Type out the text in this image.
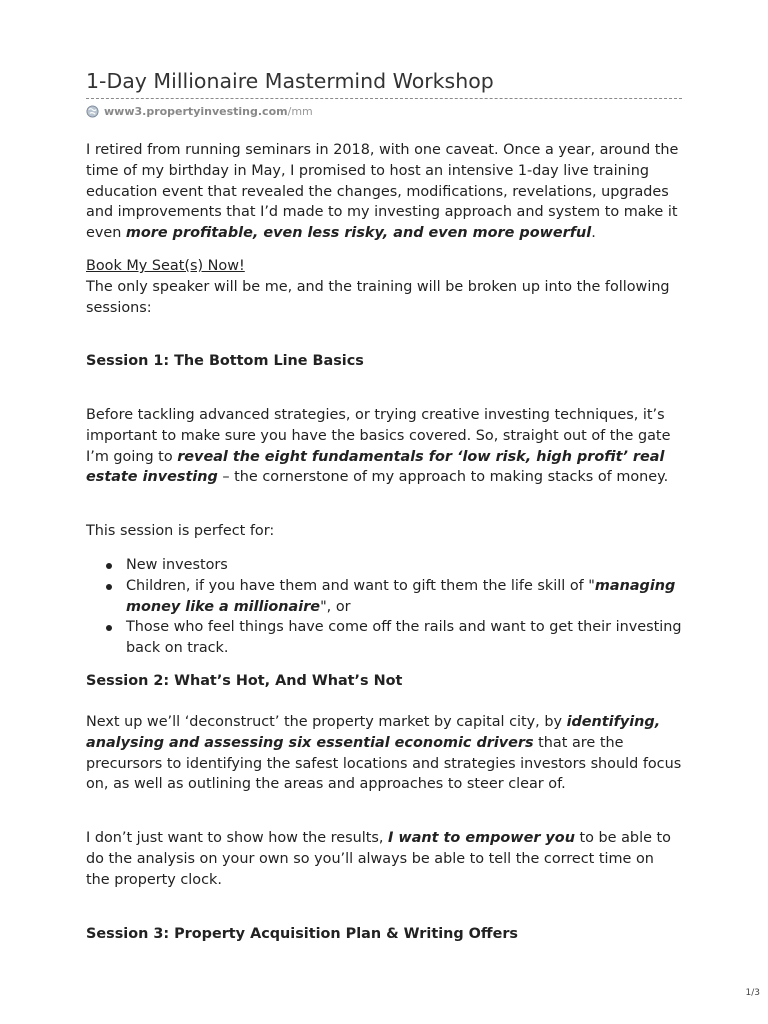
1-Day Millionaire Mastermind Workshop
www3.propertyinvesting.com /mm

I retired from running seminars in 2018, with one caveat. Once a year, around the time of my birthday in May, I promised to host an intensive 1-day live training education event that revealed the changes, modifications, revelations, upgrades and improvements that I’d made to my investing approach and system to make it even more profitable, even less risky, and even more powerful.

Book My Seat(s) Now!
The only speaker will be me, and the training will be broken up into the following sessions:
Session 1: The Bottom Line Basics

Before tackling advanced strategies, or trying creative investing techniques, it’s important to make sure you have the basics covered. So, straight out of the gate I’m going to reveal the eight fundamentals for ‘low risk, high profit’ real estate investing – the cornerstone of my approach to making stacks of money.

This session is perfect for:
New investors
Children, if you have them and want to gift them the life skill of "managing money like a millionaire", or
Those who feel things have come off the rails and want to get their investing back on track.
Session 2: What’s Hot, And What’s Not

Next up we’ll ‘deconstruct’ the property market by capital city, by identifying, analysing and assessing six essential economic drivers that are the precursors to identifying the safest locations and strategies investors should focus on, as well as outlining the areas and approaches to steer clear of.

I don’t just want to show how the results, I want to empower you to be able to do the analysis on your own so you’ll always be able to tell the correct time on the property clock.

Session 3: Property Acquisition Plan & Writing Offers
1/3
